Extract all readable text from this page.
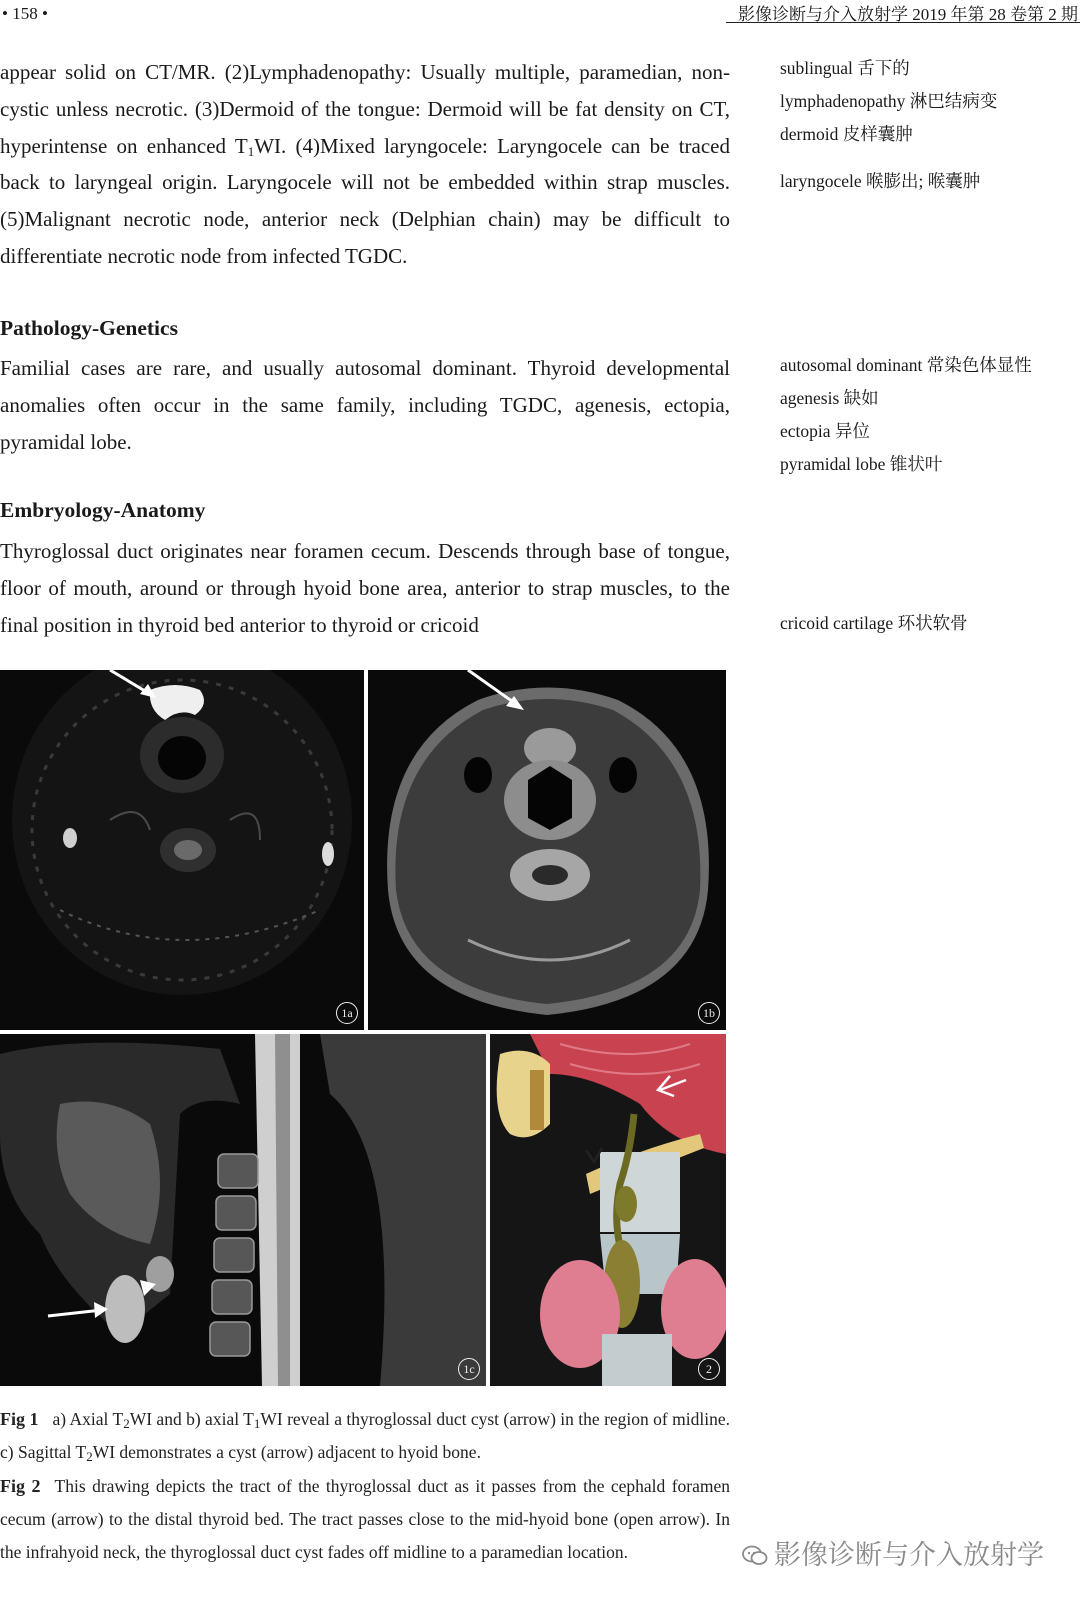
• 158 •	影像诊断与介入放射学 2019 年第 28 卷第 2 期

appear solid on CT/MR. (2)Lymphadenopathy: Usually multiple, paramedian, non-cystic unless necrotic. (3)Dermoid of the tongue: Dermoid will be fat density on CT, hyperintense on enhanced $T_1WI$. (4)Mixed laryngocele: Laryngocele can be traced back to laryngeal origin. Laryngocele will not be embedded within strap muscles. (5)Malignant necrotic node, anterior neck (Delphian chain) may be difficult to differentiate necrotic node from infected TGDC.

sublingual 舌下的
lymphadenopathy 淋巴结病变
dermoid 皮样囊肿
laryngocele 喉膨出; 喉囊肿
Pathology-Genetics

Familial cases are rare, and usually autosomal dominant. Thyroid developmental anomalies often occur in the same family, including TGDC, agenesis, ectopia, pyramidal lobe.

autosomal dominant 常染色体显性
agenesis 缺如
ectopia 异位
pyramidal lobe 锥状叶
Embryology-Anatomy

Thyroglossal duct originates near foramen cecum. Descends through base of tongue, floor of mouth, around or through hyoid bone area, anterior to strap muscles, to the final position in thyroid bed anterior to thyroid or cricoid	cricoid cartilage 环状软骨
1a	1b
1c	2
Fig 1 a) Axial $T_2WI$ and b) axial $T_1WI$ reveal a thyroglossal duct cyst (arrow) in the region of midline. c) Sagittal $T_2WI$ demonstrates a cyst (arrow) adjacent to hyoid bone.
Fig 2 This drawing depicts the tract of the thyroglossal duct as it passes from the cephald foramen cecum (arrow) to the distal thyroid bed. The tract passes close to the mid-hyoid bone (open arrow). In the infrahyoid neck, the thyroglossal duct cyst fades off midline to a paramedian location.	影像诊断与介入放射学
